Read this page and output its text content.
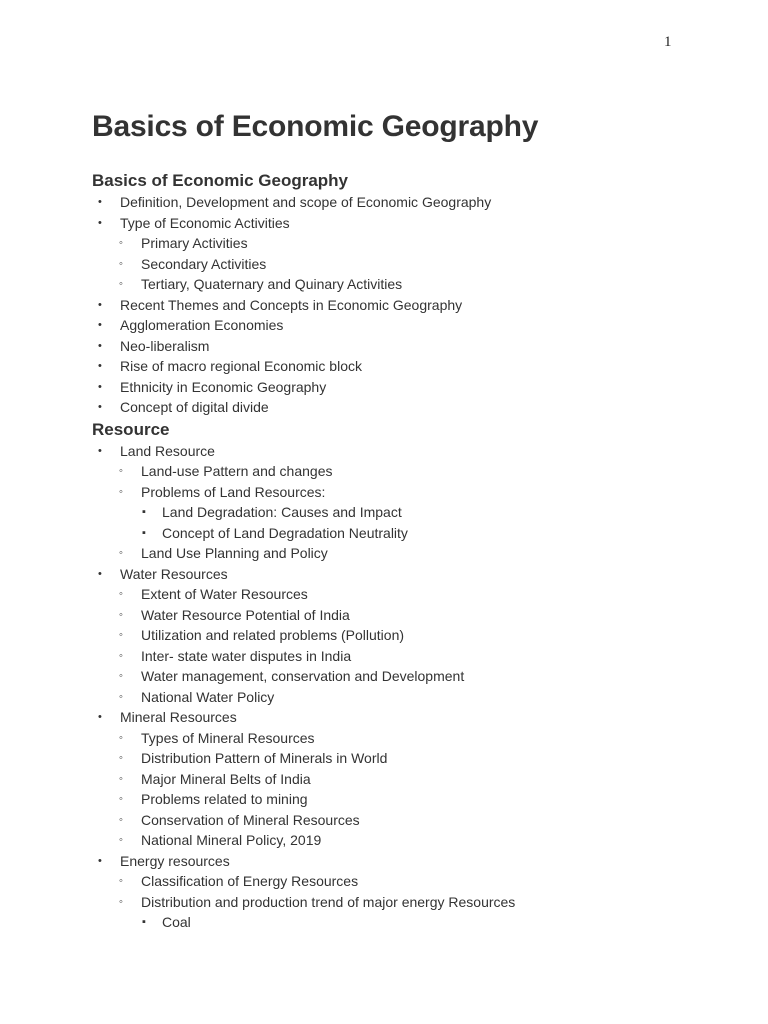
1
Basics of Economic Geography
Basics of Economic Geography
• Definition, Development and scope of Economic Geography
• Type of Economic Activities
◦ Primary Activities
◦ Secondary Activities
◦ Tertiary, Quaternary and Quinary Activities
• Recent Themes and Concepts in Economic Geography
• Agglomeration Economies
• Neo-liberalism
• Rise of macro regional Economic block
• Ethnicity in Economic Geography
• Concept of digital divide
Resource
• Land Resource
◦ Land-use Pattern and changes
◦ Problems of Land Resources:
▪ Land Degradation: Causes and Impact
▪ Concept of Land Degradation Neutrality
◦ Land Use Planning and Policy
• Water Resources
◦ Extent of Water Resources
◦ Water Resource Potential of India
◦ Utilization and related problems (Pollution)
◦ Inter- state water disputes in India
◦ Water management, conservation and Development
◦ National Water Policy
• Mineral Resources
◦ Types of Mineral Resources
◦ Distribution Pattern of Minerals in World
◦ Major Mineral Belts of India
◦ Problems related to mining
◦ Conservation of Mineral Resources
◦ National Mineral Policy, 2019
• Energy resources
◦ Classification of Energy Resources
◦ Distribution and production trend of major energy Resources
▪ Coal
